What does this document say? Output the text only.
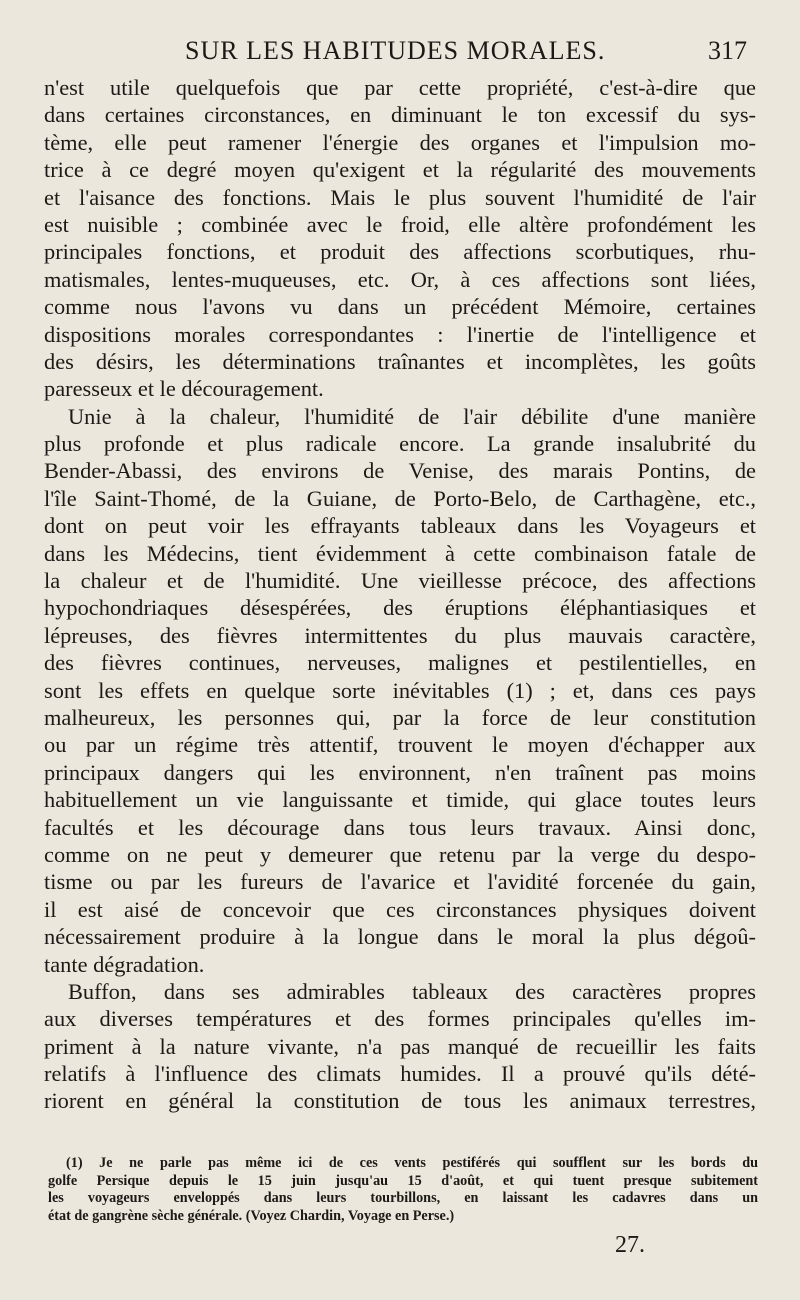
SUR LES HABITUDES MORALES.	317
n'est utile quelquefois que par cette propriété, c'est-à-dire que
dans certaines circonstances, en diminuant le ton excessif du sys-
tème, elle peut ramener l'énergie des organes et l'impulsion mo-
trice à ce degré moyen qu'exigent et la régularité des mouvements
et l'aisance des fonctions. Mais le plus souvent l'humidité de l'air
est nuisible ; combinée avec le froid, elle altère profondément les
principales fonctions, et produit des affections scorbutiques, rhu-
matismales, lentes-muqueuses, etc. Or, à ces affections sont liées,
comme nous l'avons vu dans un précédent Mémoire, certaines
dispositions morales correspondantes : l'inertie de l'intelligence et
des désirs, les déterminations traînantes et incomplètes, les goûts
paresseux et le découragement.
Unie à la chaleur, l'humidité de l'air débilite d'une manière
plus profonde et plus radicale encore. La grande insalubrité du
Bender-Abassi, des environs de Venise, des marais Pontins, de
l'île Saint-Thomé, de la Guiane, de Porto-Belo, de Carthagène, etc.,
dont on peut voir les effrayants tableaux dans les Voyageurs et
dans les Médecins, tient évidemment à cette combinaison fatale de
la chaleur et de l'humidité. Une vieillesse précoce, des affections
hypochondriaques désespérées, des éruptions éléphantiasiques et
lépreuses, des fièvres intermittentes du plus mauvais caractère,
des fièvres continues, nerveuses, malignes et pestilentielles, en
sont les effets en quelque sorte inévitables (1) ; et, dans ces pays
malheureux, les personnes qui, par la force de leur constitution
ou par un régime très attentif, trouvent le moyen d'échapper aux
principaux dangers qui les environnent, n'en traînent pas moins
habituellement un vie languissante et timide, qui glace toutes leurs
facultés et les décourage dans tous leurs travaux. Ainsi donc,
comme on ne peut y demeurer que retenu par la verge du despo-
tisme ou par les fureurs de l'avarice et l'avidité forcenée du gain,
il est aisé de concevoir que ces circonstances physiques doivent
nécessairement produire à la longue dans le moral la plus dégoû-
tante dégradation.
Buffon, dans ses admirables tableaux des caractères propres
aux diverses températures et des formes principales qu'elles im-
priment à la nature vivante, n'a pas manqué de recueillir les faits
relatifs à l'influence des climats humides. Il a prouvé qu'ils dété-
riorent en général la constitution de tous les animaux terrestres,
(1) Je ne parle pas même ici de ces vents pestiférés qui soufflent sur les bords du
golfe Persique depuis le 15 juin jusqu'au 15 d'août, et qui tuent presque subitement
les voyageurs enveloppés dans leurs tourbillons, en laissant les cadavres dans un
état de gangrène sèche générale. (Voyez Chardin, Voyage en Perse.)
27.
